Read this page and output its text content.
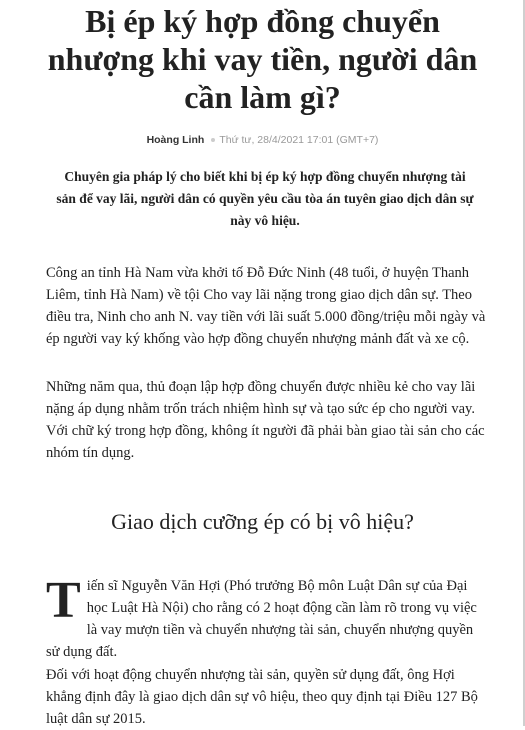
Bị ép ký hợp đồng chuyển nhượng khi vay tiền, người dân cần làm gì?
Hoàng Linh Thứ tư, 28/4/2021 17:01 (GMT+7)

Chuyên gia pháp lý cho biết khi bị ép ký hợp đồng chuyển nhượng tài sản để vay lãi, người dân có quyền yêu cầu tòa án tuyên giao dịch dân sự này vô hiệu.

Công an tỉnh Hà Nam vừa khởi tố Đỗ Đức Ninh (48 tuổi, ở huyện Thanh Liêm, tỉnh Hà Nam) về tội Cho vay lãi nặng trong giao dịch dân sự. Theo điều tra, Ninh cho anh N. vay tiền với lãi suất 5.000 đồng/triệu mỗi ngày và ép người vay ký khống vào hợp đồng chuyển nhượng mảnh đất và xe cộ.

Những năm qua, thủ đoạn lập hợp đồng chuyển được nhiều kẻ cho vay lãi nặng áp dụng nhằm trốn trách nhiệm hình sự và tạo sức ép cho người vay. Với chữ ký trong hợp đồng, không ít người đã phải bàn giao tài sản cho các nhóm tín dụng.

Giao dịch cưỡng ép có bị vô hiệu?

Tiến sĩ Nguyễn Văn Hợi (Phó trưởng Bộ môn Luật Dân sự của Đại học Luật Hà Nội) cho rằng có 2 hoạt động cần làm rõ trong vụ việc là vay mượn tiền và chuyển nhượng tài sản, chuyển nhượng quyền sử dụng đất.

Đối với hoạt động chuyển nhượng tài sản, quyền sử dụng đất, ông Hợi khẳng định đây là giao dịch dân sự vô hiệu, theo quy định tại Điều 127 Bộ luật dân sự 2015.
